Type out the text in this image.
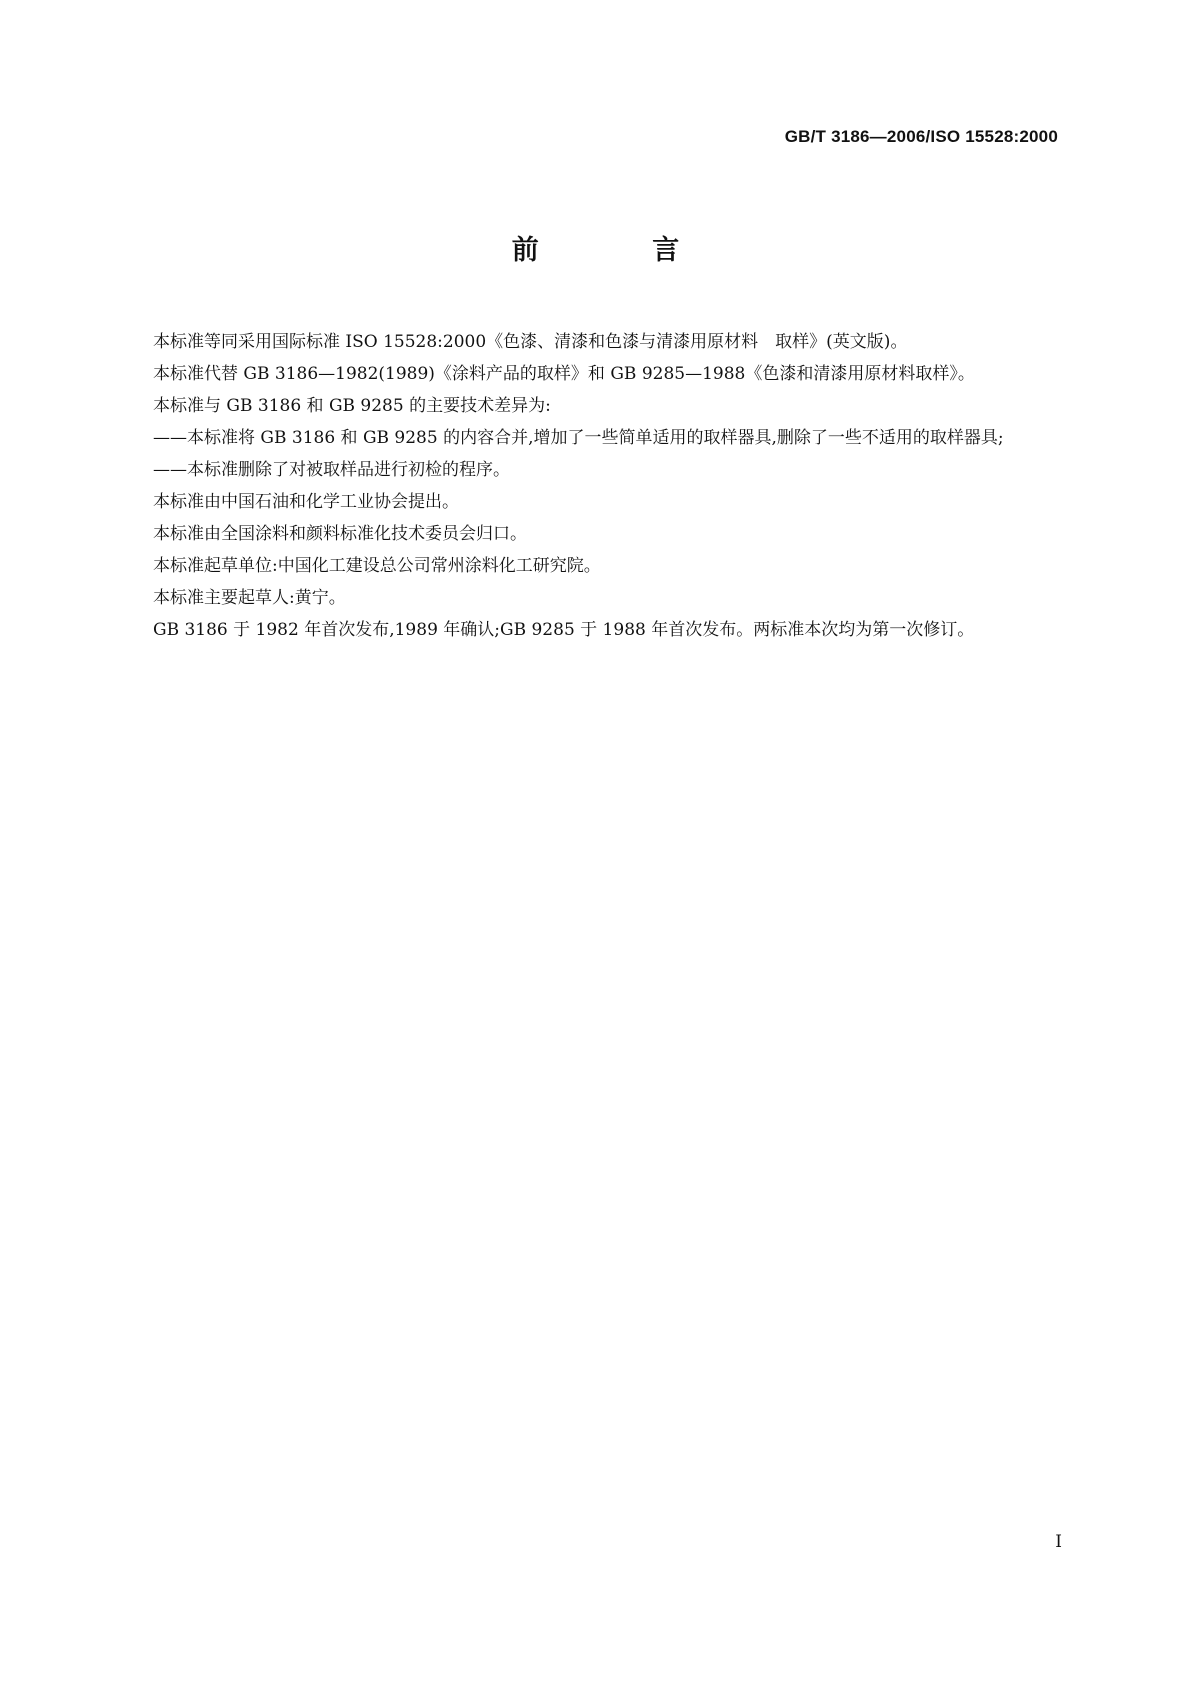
GB/T 3186—2006/ISO 15528:2000
前 言

本标准等同采用国际标准 ISO 15528:2000《色漆、清漆和色漆与清漆用原材料　取样》(英文版)。

本标准代替 GB 3186—1982(1989)《涂料产品的取样》和 GB 9285—1988《色漆和清漆用原材料取样》。

本标准与 GB 3186 和 GB 9285 的主要技术差异为:

——本标准将 GB 3186 和 GB 9285 的内容合并,增加了一些简单适用的取样器具,删除了一些不适用的取样器具;

——本标准删除了对被取样品进行初检的程序。

本标准由中国石油和化学工业协会提出。

本标准由全国涂料和颜料标准化技术委员会归口。

本标准起草单位:中国化工建设总公司常州涂料化工研究院。

本标准主要起草人:黄宁。

GB 3186 于 1982 年首次发布,1989 年确认;GB 9285 于 1988 年首次发布。两标准本次均为第一次修订。

I
